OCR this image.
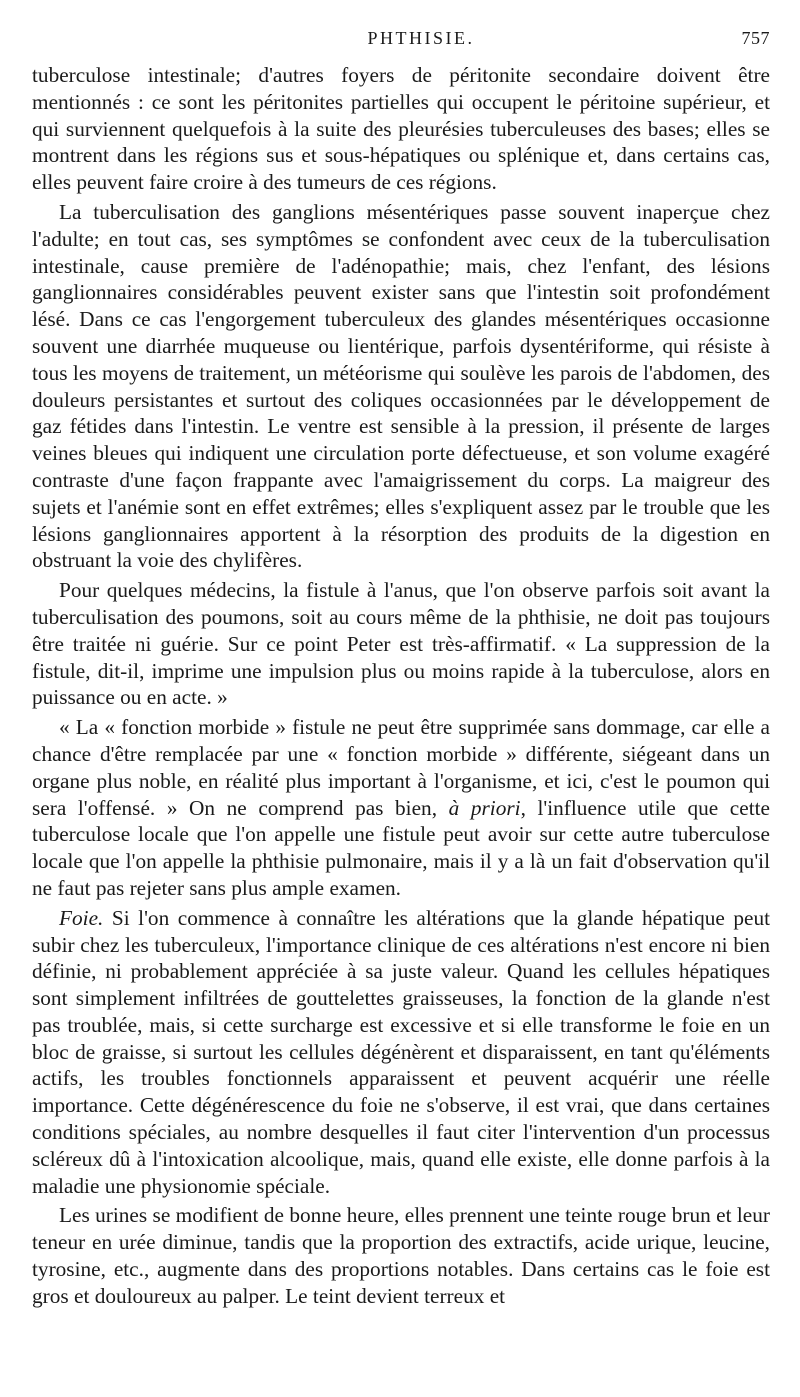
PHTHISIE.	757

tuberculose intestinale; d'autres foyers de péritonite secondaire doivent être mentionnés : ce sont les péritonites partielles qui occupent le péritoine supérieur, et qui surviennent quelquefois à la suite des pleurésies tuberculeuses des bases; elles se montrent dans les régions sus et sous-hépatiques ou splénique et, dans certains cas, elles peuvent faire croire à des tumeurs de ces régions.

La tuberculisation des ganglions mésentériques passe souvent inaperçue chez l'adulte; en tout cas, ses symptômes se confondent avec ceux de la tuberculisation intestinale, cause première de l'adénopathie; mais, chez l'enfant, des lésions ganglionnaires considérables peuvent exister sans que l'intestin soit profondément lésé. Dans ce cas l'engorgement tuberculeux des glandes mésentériques occasionne souvent une diarrhée muqueuse ou lientérique, parfois dysentériforme, qui résiste à tous les moyens de traitement, un météorisme qui soulève les parois de l'abdomen, des douleurs persistantes et surtout des coliques occasionnées par le développement de gaz fétides dans l'intestin. Le ventre est sensible à la pression, il présente de larges veines bleues qui indiquent une circulation porte défectueuse, et son volume exagéré contraste d'une façon frappante avec l'amaigrissement du corps. La maigreur des sujets et l'anémie sont en effet extrêmes; elles s'expliquent assez par le trouble que les lésions ganglionnaires apportent à la résorption des produits de la digestion en obstruant la voie des chylifères.

Pour quelques médecins, la fistule à l'anus, que l'on observe parfois soit avant la tuberculisation des poumons, soit au cours même de la phthisie, ne doit pas toujours être traitée ni guérie. Sur ce point Peter est très-affirmatif. « La suppression de la fistule, dit-il, imprime une impulsion plus ou moins rapide à la tuberculose, alors en puissance ou en acte. »

« La « fonction morbide » fistule ne peut être supprimée sans dommage, car elle a chance d'être remplacée par une « fonction morbide » différente, siégeant dans un organe plus noble, en réalité plus important à l'organisme, et ici, c'est le poumon qui sera l'offensé. » On ne comprend pas bien, à priori, l'influence utile que cette tuberculose locale que l'on appelle une fistule peut avoir sur cette autre tuberculose locale que l'on appelle la phthisie pulmonaire, mais il y a là un fait d'observation qu'il ne faut pas rejeter sans plus ample examen.

Foie. Si l'on commence à connaître les altérations que la glande hépatique peut subir chez les tuberculeux, l'importance clinique de ces altérations n'est encore ni bien définie, ni probablement appréciée à sa juste valeur. Quand les cellules hépatiques sont simplement infiltrées de gouttelettes graisseuses, la fonction de la glande n'est pas troublée, mais, si cette surcharge est excessive et si elle transforme le foie en un bloc de graisse, si surtout les cellules dégénèrent et disparaissent, en tant qu'éléments actifs, les troubles fonctionnels apparaissent et peuvent acquérir une réelle importance. Cette dégénérescence du foie ne s'observe, il est vrai, que dans certaines conditions spéciales, au nombre desquelles il faut citer l'intervention d'un processus scléreux dû à l'intoxication alcoolique, mais, quand elle existe, elle donne parfois à la maladie une physionomie spéciale.

Les urines se modifient de bonne heure, elles prennent une teinte rouge brun et leur teneur en urée diminue, tandis que la proportion des extractifs, acide urique, leucine, tyrosine, etc., augmente dans des proportions notables. Dans certains cas le foie est gros et douloureux au palper. Le teint devient terreux et
